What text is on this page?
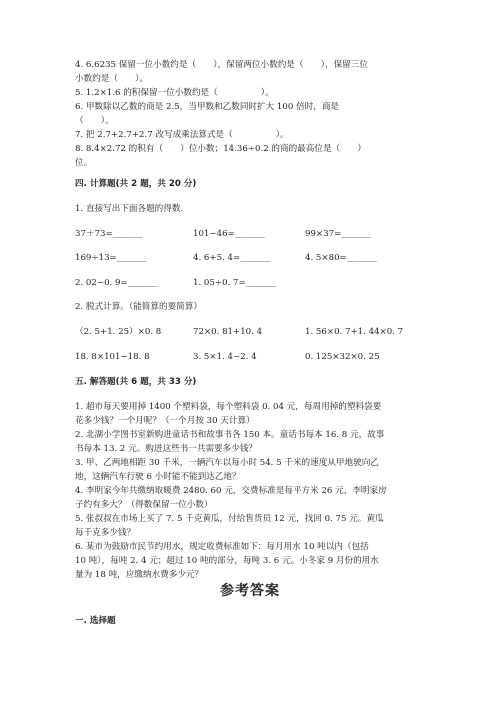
4. 6.6235 保留一位小数约是（　　），保留两位小数约是（　　），保留三位
小数约是（　　）。
5. 1.2×1.6 的积保留一位小数约是（　　　　　）。
6. 甲数除以乙数的商是 2.5，当甲数和乙数同时扩大 100 倍时，商是
（　　）。
7. 把 2.7+2.7+2.7 改写成乘法算式是（　　　　　）。
8. 8.4×2.72 的积有（　　）位小数；14.36÷0.2 的商的最高位是（　　）
位。
四. 计算题(共 2 题，共 20 分)
1. 直接写出下面各题的得数.
37＋73=_______	101−46=_______	99×37=_______
169÷13=_______	4. 6+5. 4=_______	4. 5×80=_______
2. 02−0. 9=_______	1. 05÷0. 7=_______
2. 脱式计算。（能简算的要简算）
（2. 5+1. 25）×0. 8	72×0. 81+10. 4	1. 56×0. 7+1. 44×0. 7
18. 8×101−18. 8	3. 5×1. 4−2. 4	0. 125×32×0. 25
五. 解答题(共 6 题，共 33 分)
1. 超市每天要用掉 1400 个塑料袋，每个塑料袋 0. 04 元，每周用掉的塑料袋要
花多少钱？一个月呢？（一个月按 30 天计算）
2. 北湖小学图书室新购进童话书和故事书各 150 本。童话书每本 16. 8 元，故事
书每本 13. 2 元。购进这些书一共需要多少钱？
3. 甲、乙两地相距 30 千米，一辆汽车以每小时 54. 5 千米的速度从甲地驶向乙
地，这辆汽车行驶 6 小时能不能到达乙地？
4. 李明家今年共缴纳取暖费 2480. 60 元，交费标准是每平方米 26 元，李明家房
子约有多大？（得数保留一位小数）
5. 张叔叔在市场上买了 7. 5 千克黄瓜，付给售货员 12 元，找回 0. 75 元。黄瓜
每千克多少钱？
6. 某市为鼓励市民节约用水，规定收费标准如下：每月用水 10 吨以内（包括
10 吨），每吨 2. 4 元；超过 10 吨的部分，每吨 3. 6 元。小冬家 9 月份的用水
量为 18 吨，应缴纳水费多少元？
参考答案
一. 选择题
